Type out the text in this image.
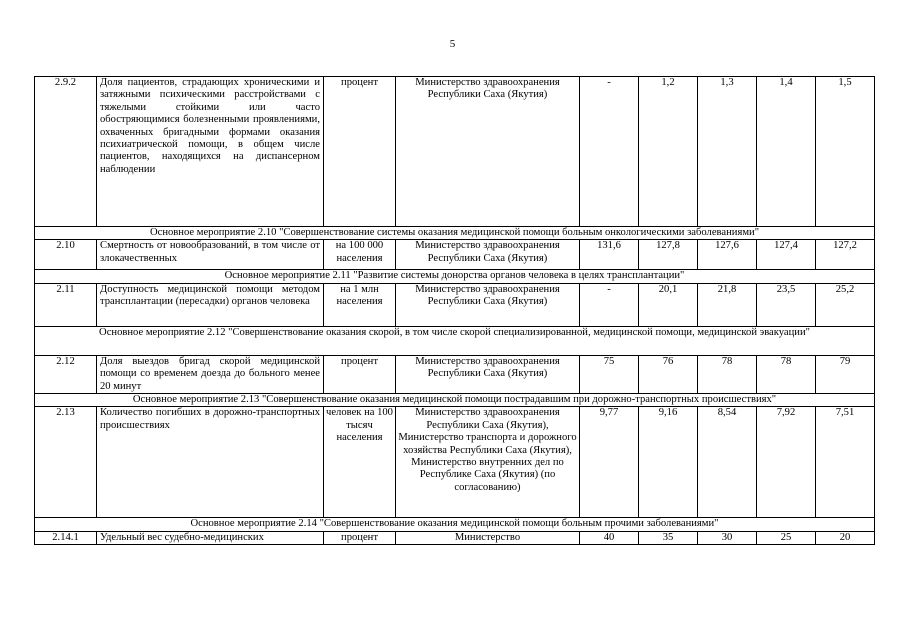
5
2.9.2	Доля пациентов, страдающих хроническими и затяжными психическими расстройствами с тяжелыми стойкими или часто обостряющимися болезненными проявлениями, охваченных бригадными формами оказания психиатрической помощи, в общем числе пациентов, находящихся на диспансерном наблюдении	процент	Министерство здравоохранения Республики Саха (Якутия)	-	1,2	1,3	1,4	1,5
Основное мероприятие 2.10 "Совершенствование системы оказания медицинской помощи больным онкологическими заболеваниями"								
2.10	Смертность от новообразований, в том числе от злокачественных	на 100 000 населения	Министерство здравоохранения Республики Саха (Якутия)	131,6	127,8	127,6	127,4	127,2
Основное мероприятие 2.11 "Развитие системы донорства органов человека в целях трансплантации"								
2.11	Доступность медицинской помощи методом трансплантации (пересадки) органов человека	на 1 млн населения	Министерство здравоохранения Республики Саха (Якутия)	-	20,1	21,8	23,5	25,2
Основное мероприятие 2.12 "Совершенствование оказания скорой, в том числе скорой специализированной, медицинской помощи, медицинской эвакуации"								
2.12	Доля выездов бригад скорой медицинской помощи со временем доезда до больного менее 20 минут	процент	Министерство здравоохранения Республики Саха (Якутия)	75	76	78	78	79
Основное мероприятие 2.13 "Совершенствование оказания медицинской помощи пострадавшим при дорожно-транспортных происшествиях"								
2.13	Количество погибших в дорожно-транспортных происшествиях	человек на 100 тысяч населения	Министерство здравоохранения Республики Саха (Якутия), Министерство транспорта и дорожного хозяйства Республики Саха (Якутия), Министерство внутренних дел по Республике Саха (Якутия) (по согласованию)	9,77	9,16	8,54	7,92	7,51
Основное мероприятие 2.14 "Совершенствование оказания медицинской помощи больным прочими заболеваниями"								
2.14.1	Удельный вес судебно-медицинских	процент	Министерство	40	35	30	25	20
